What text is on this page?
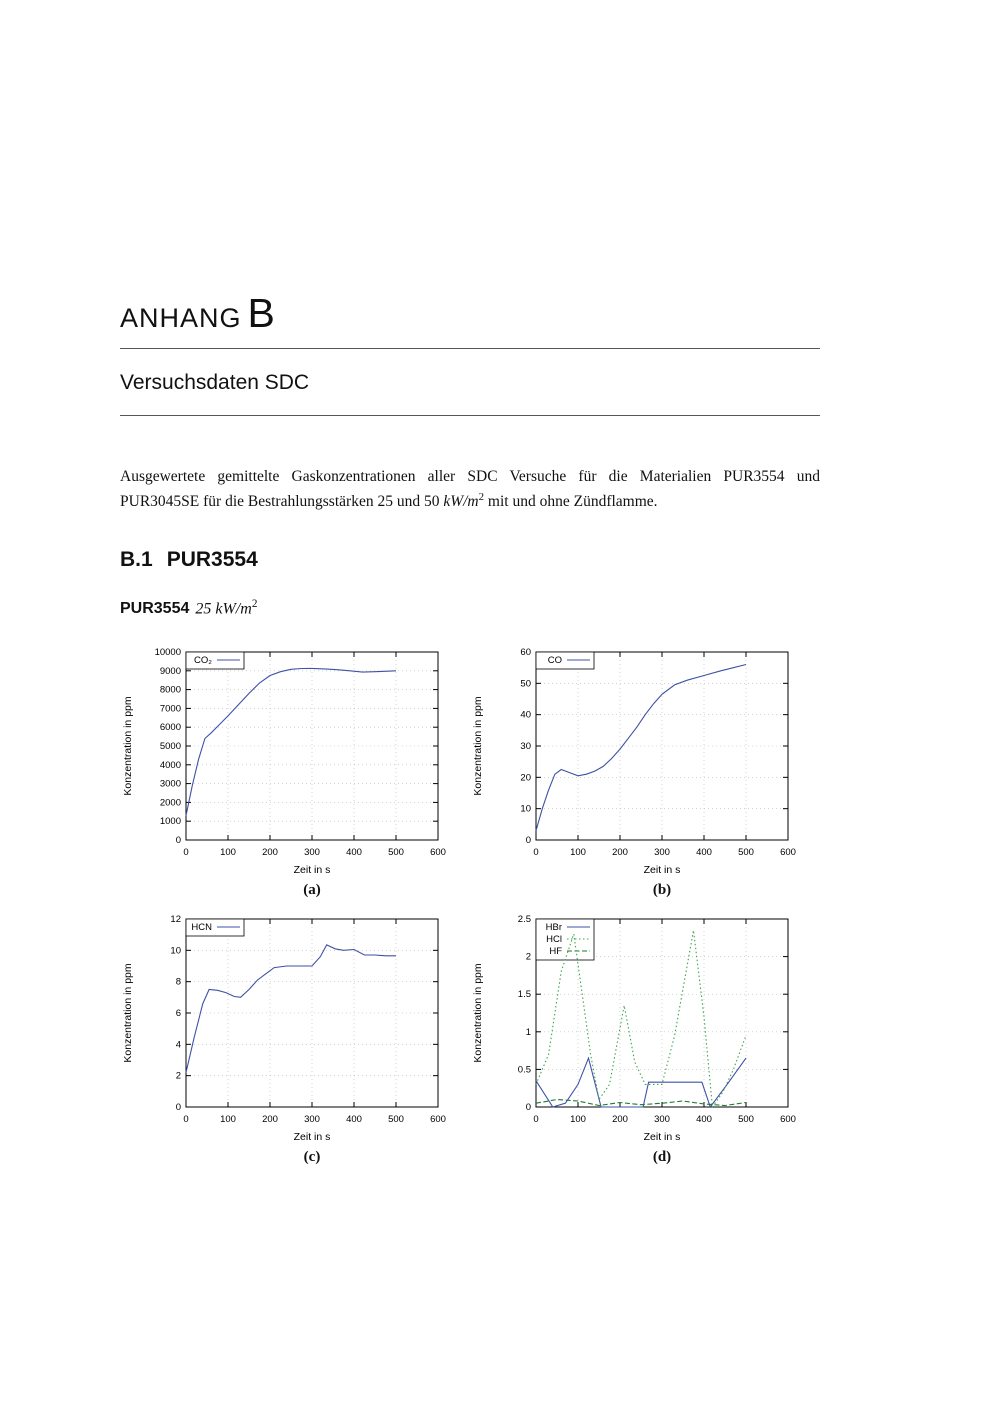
ANHANG B
Versuchsdaten SDC

Ausgewertete gemittelte Gaskonzentrationen aller SDC Versuche für die Materialien PUR3554 und PUR3045SE für die Bestrahlungsstärken 25 und 50 $kW/m^2$ mit und ohne Zündflamme.

B.1 PUR3554
PUR3554 25 $kW/m^2$
0	100	200	300	400	500	600
0
1000
2000
3000
4000
5000
6000
7000
8000
9000
10000
Zeit in s
Konzentration in ppm
CO₂
(a)
0	100	200	300	400	500	600
0
10
20
30
40
50
60
Zeit in s
Konzentration in ppm
CO
(b)
0	100	200	300	400	500	600
0
2
4
6
8
10
12
Zeit in s
Konzentration in ppm
HCN
(c)
0	100	200	300	400	500	600
0
0.5
1
1.5
2
2.5
Zeit in s
Konzentration in ppm
HBr
HCl
HF
(d)
